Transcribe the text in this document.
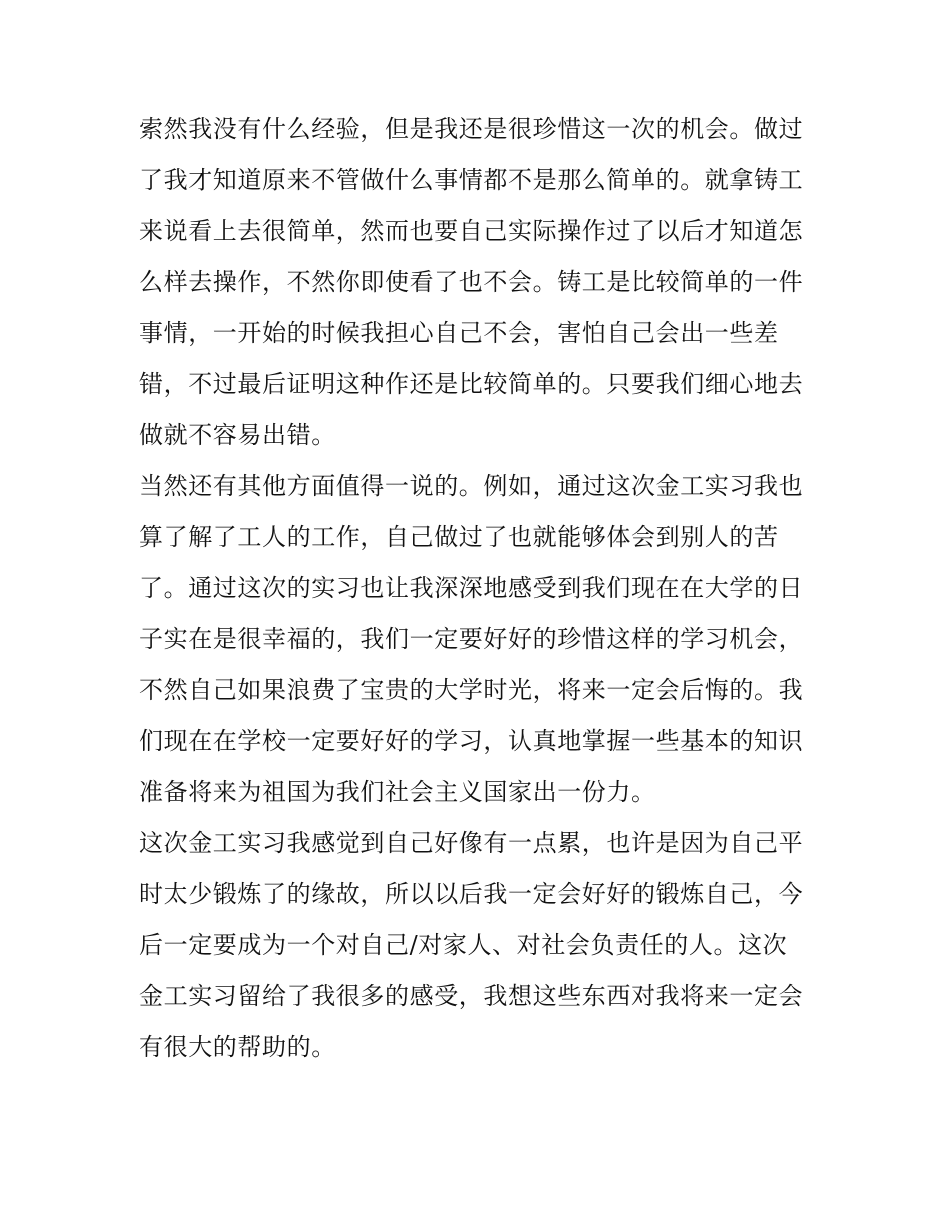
索然我没有什么经验，但是我还是很珍惜这一次的机会。做过
了我才知道原来不管做什么事情都不是那么简单的。就拿铸工
来说看上去很简单，然而也要自己实际操作过了以后才知道怎
么样去操作，不然你即使看了也不会。铸工是比较简单的一件
事情，一开始的时候我担心自己不会，害怕自己会出一些差
错，不过最后证明这种作还是比较简单的。只要我们细心地去
做就不容易出错。
当然还有其他方面值得一说的。例如，通过这次金工实习我也
算了解了工人的工作，自己做过了也就能够体会到别人的苦
了。通过这次的实习也让我深深地感受到我们现在在大学的日
子实在是很幸福的，我们一定要好好的珍惜这样的学习机会，
不然自己如果浪费了宝贵的大学时光，将来一定会后悔的。我
们现在在学校一定要好好的学习，认真地掌握一些基本的知识
准备将来为祖国为我们社会主义国家出一份力。
这次金工实习我感觉到自己好像有一点累，也许是因为自己平
时太少锻炼了的缘故，所以以后我一定会好好的锻炼自己，今
后一定要成为一个对自己/对家人、对社会负责任的人。这次
金工实习留给了我很多的感受，我想这些东西对我将来一定会
有很大的帮助的。
